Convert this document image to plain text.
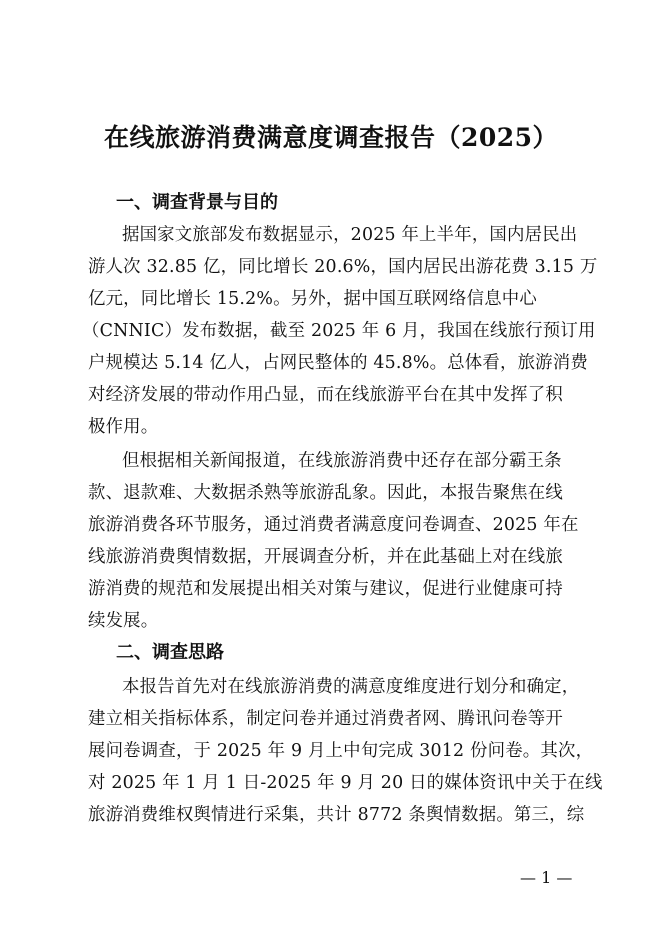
在线旅游消费满意度调查报告（2025）
一、调查背景与目的
据国家文旅部发布数据显示，2025 年上半年，国内居民出
游人次 32.85 亿，同比增长 20.6%，国内居民出游花费 3.15 万
亿元，同比增长 15.2%。另外，据中国互联网络信息中心
（CNNIC）发布数据，截至 2025 年 6 月，我国在线旅行预订用
户规模达 5.14 亿人，占网民整体的 45.8%。总体看，旅游消费
对经济发展的带动作用凸显，而在线旅游平台在其中发挥了积
极作用。
但根据相关新闻报道，在线旅游消费中还存在部分霸王条
款、退款难、大数据杀熟等旅游乱象。因此，本报告聚焦在线
旅游消费各环节服务，通过消费者满意度问卷调查、2025 年在
线旅游消费舆情数据，开展调查分析，并在此基础上对在线旅
游消费的规范和发展提出相关对策与建议，促进行业健康可持
续发展。
二、调查思路
本报告首先对在线旅游消费的满意度维度进行划分和确定，
建立相关指标体系，制定问卷并通过消费者网、腾讯问卷等开
展问卷调查，于 2025 年 9 月上中旬完成 3012 份问卷。其次，
对 2025 年 1 月 1 日-2025 年 9 月 20 日的媒体资讯中关于在线
旅游消费维权舆情进行采集，共计 8772 条舆情数据。第三，综
— 1 —
